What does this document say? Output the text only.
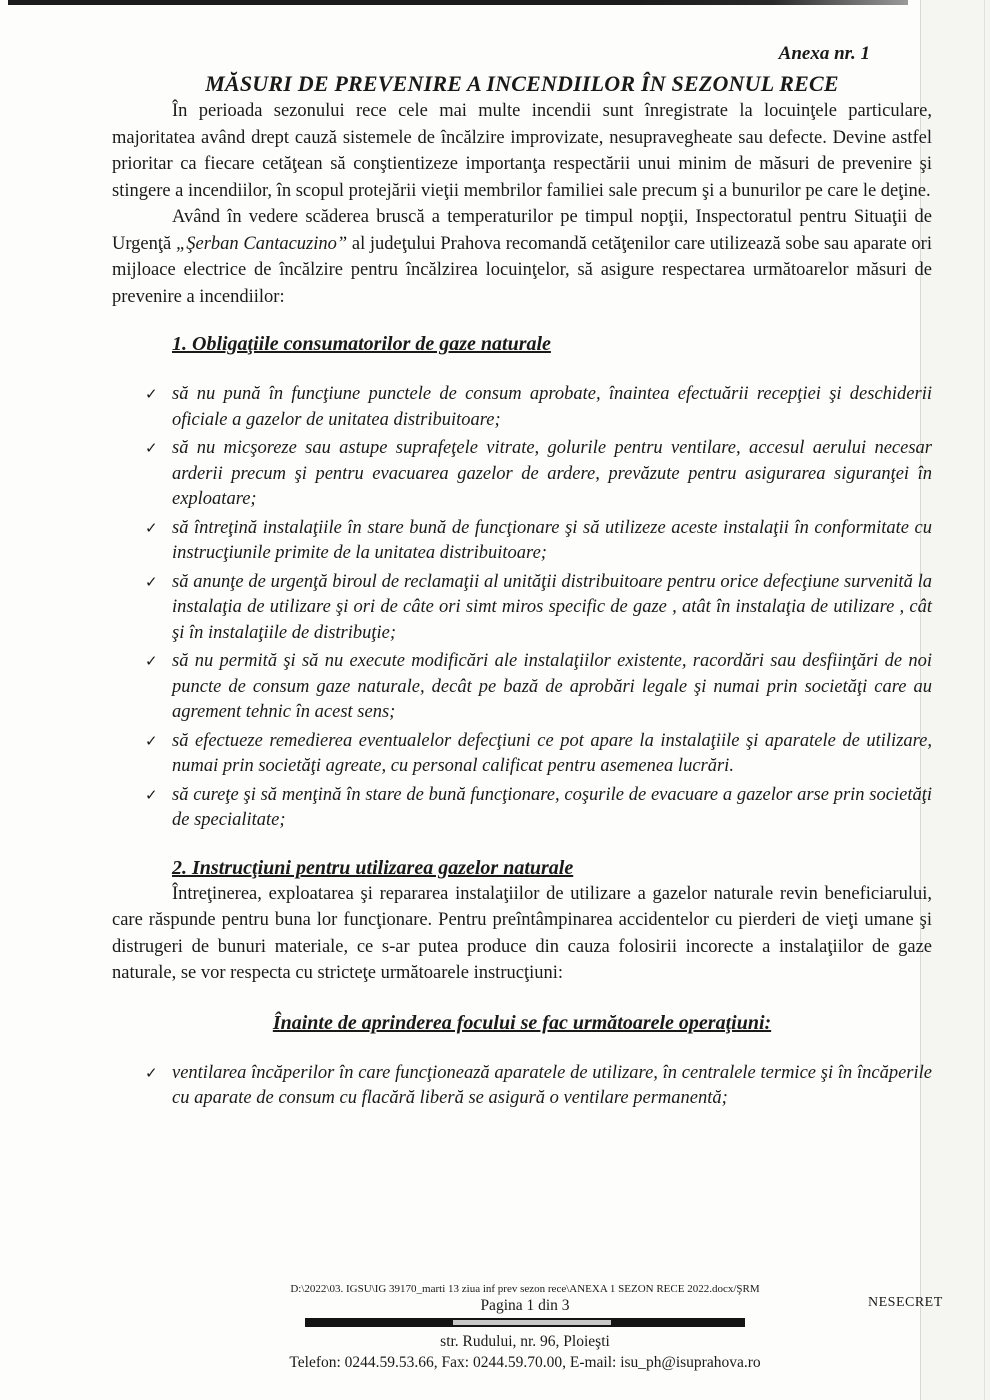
Anexa nr. 1
MĂSURI DE PREVENIRE A INCENDIILOR ÎN SEZONUL RECE

În perioada sezonului rece cele mai multe incendii sunt înregistrate la locuinţele particulare, majoritatea având drept cauză sistemele de încălzire improvizate, nesupravegheate sau defecte. Devine astfel prioritar ca fiecare cetăţean să conştientizeze importanţa respectării unui minim de măsuri de prevenire şi stingere a incendiilor, în scopul protejării vieţii membrilor familiei sale precum şi a bunurilor pe care le deţine.

Având în vedere scăderea bruscă a temperaturilor pe timpul nopţii, Inspectoratul pentru Situaţii de Urgenţă „Şerban Cantacuzino” al judeţului Prahova recomandă cetăţenilor care utilizează sobe sau aparate ori mijloace electrice de încălzire pentru încălzirea locuinţelor, să asigure respectarea următoarelor măsuri de prevenire a incendiilor:

1. Obligaţiile consumatorilor de gaze naturale
✓ să nu pună în funcţiune punctele de consum aprobate, înaintea efectuării recepţiei şi deschiderii oficiale a gazelor de unitatea distribuitoare;
✓ să nu micşoreze sau astupe suprafeţele vitrate, golurile pentru ventilare, accesul aerului necesar arderii precum şi pentru evacuarea gazelor de ardere, prevăzute pentru asigurarea siguranţei în exploatare;
✓ să întreţină instalaţiile în stare bună de funcţionare şi să utilizeze aceste instalaţii în conformitate cu instrucţiunile primite de la unitatea distribuitoare;
✓ să anunţe de urgenţă biroul de reclamaţii al unităţii distribuitoare pentru orice defecţiune survenită la instalaţia de utilizare şi ori de câte ori simt miros specific de gaze , atât în instalaţia de utilizare , cât şi în instalaţiile de distribuţie;
✓ să nu permită şi să nu execute modificări ale instalaţiilor existente, racordări sau desfiinţări de noi puncte de consum gaze naturale, decât pe bază de aprobări legale şi numai prin societăţi care au agrement tehnic în acest sens;
✓ să efectueze remedierea eventualelor defecţiuni ce pot apare la instalaţiile şi aparatele de utilizare, numai prin societăţi agreate, cu personal calificat pentru asemenea lucrări.
✓ să cureţe şi să menţină în stare de bună funcţionare, coşurile de evacuare a gazelor arse prin societăţi de specialitate;
2. Instrucţiuni pentru utilizarea gazelor naturale

Întreţinerea, exploatarea şi repararea instalaţiilor de utilizare a gazelor naturale revin beneficiarului, care răspunde pentru buna lor funcţionare. Pentru preîntâmpinarea accidentelor cu pierderi de vieţi umane şi distrugeri de bunuri materiale, ce s-ar putea produce din cauza folosirii incorecte a instalaţiilor de gaze naturale, se vor respecta cu stricteţe următoarele instrucţiuni:

Înainte de aprinderea focului se fac următoarele operaţiuni:
✓ ventilarea încăperilor în care funcţionează aparatele de utilizare, în centralele termice şi în încăperile cu aparate de consum cu flacără liberă se asigură o ventilare permanentă;
D:\2022\03. IGSU\IG 39170_marti 13 ziua inf prev sezon rece\ANEXA 1 SEZON RECE 2022.docx/ŞRM
Pagina 1 din 3	NESECRET
str. Rudului, nr. 96, Ploieşti
Telefon: 0244.59.53.66, Fax: 0244.59.70.00, E-mail: isu_ph@isuprahova.ro
